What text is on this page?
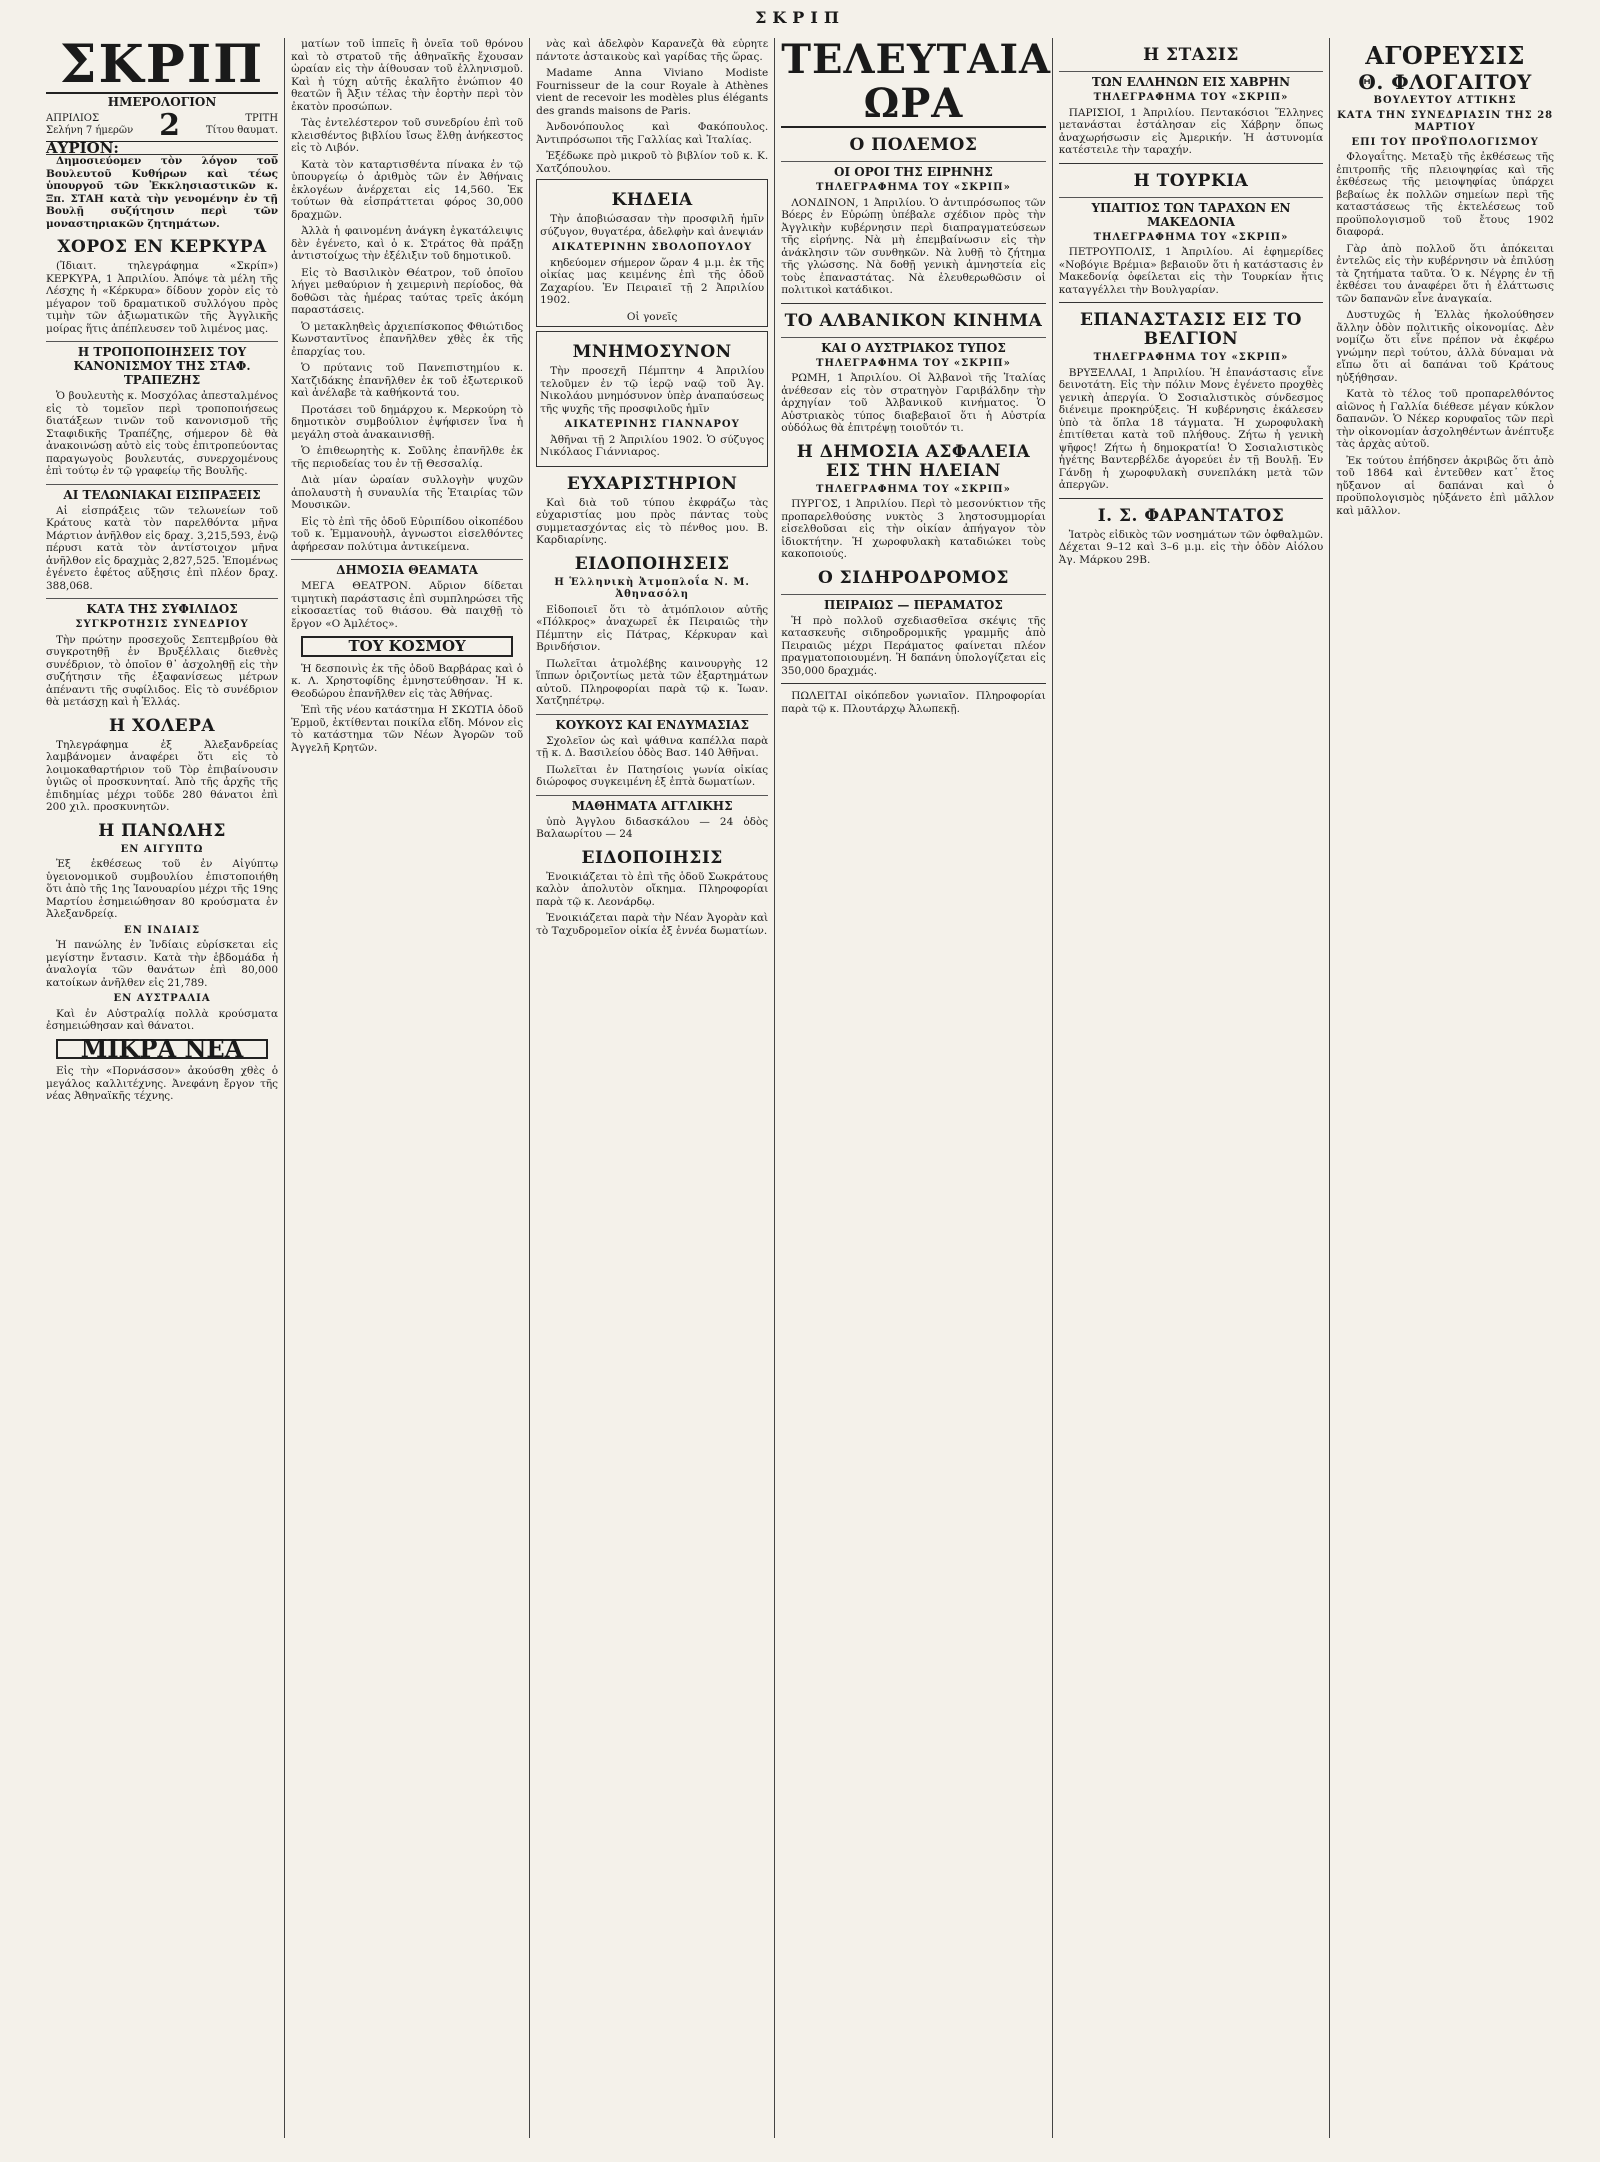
ΣΚΡΙΠ
ΣΚΡΙΠ
ΗΜΕΡΟΛΟΓΙΟΝ
ΑΠΡΙΛΙΟΣ
Σελήνη 7 ήμερῶν 2	ΤΡΙΤΗ
Τίτου θαυματ.
ΑΥΡΙΟΝ:

Δημοσιεύομεν τὸν λόγον τοῦ Βουλευτοῦ Κυθήρων καὶ τέως ὑπουργοῦ τῶν Ἐκκλησιαστικῶν κ. Ξπ. ΣΤΑΗ κατὰ τὴν γενομένην ἐν τῇ Βουλῇ συζήτησιν περὶ τῶν μοναστηριακῶν ζητημάτων.

ΧΟΡΟΣ ΕΝ ΚΕΡΚΥΡΑ

(Ἰδιαιτ. τηλεγράφημα «Σκρίπ») ΚΕΡΚΥΡΑ, 1 Ἀπριλίου. Ἀπόψε τὰ μέλη τῆς Λέσχης ἡ «Κέρκυρα» δίδουν χορὸν εἰς τὸ μέγαρον τοῦ δραματικοῦ συλλόγου πρὸς τιμὴν τῶν ἀξιωματικῶν τῆς Ἀγγλικῆς μοίρας ἥτις ἀπέπλευσεν τοῦ λιμένος μας.

Η ΤΡΟΠΟΠΟΙΗΣΕΙΣ ΤΟΥ ΚΑΝΟΝΙΣΜΟΥ ΤΗΣ ΣΤΑΦ. ΤΡΑΠΕΖΗΣ

Ὁ βουλευτὴς κ. Μοσχόλας ἀπεσταλμένος εἰς τὸ τομεῖον περὶ τροποποιήσεως διατάξεων τινῶν τοῦ κανονισμοῦ τῆς Σταφιδικῆς Τραπέζης, σήμερον δὲ θὰ ἀνακοινώσῃ αὐτὸ εἰς τοὺς ἐπιτροπεύοντας παραγωγοὺς βουλευτάς, συνερχομένους ἐπὶ τούτῳ ἐν τῷ γραφείῳ τῆς Βουλῆς.

ΑΙ ΤΕΛΩΝΙΑΚΑΙ ΕΙΣΠΡΑΞΕΙΣ

Αἱ εἰσπράξεις τῶν τελωνείων τοῦ Κράτους κατὰ τὸν παρελθόντα μῆνα Μάρτιον ἀνῆλθον εἰς δραχ. 3,215,593, ἐνῷ πέρυσι κατὰ τὸν ἀντίστοιχον μῆνα ἀνῆλθον εἰς δραχμὰς 2,827,525. Ἐπομένως ἐγένετο ἐφέτος αὔξησις ἐπὶ πλέον δραχ. 388,068.

ΚΑΤΑ ΤΗΣ ΣΥΦΙΛΙΔΟΣ
ΣΥΓΚΡΟΤΗΣΙΣ ΣΥΝΕΔΡΙΟΥ

Τὴν πρώτην προσεχοῦς Σεπτεμβρίου θὰ συγκροτηθῇ ἐν Βρυξέλλαις διεθνὲς συνέδριον, τὸ ὁποῖον θ᾽ ἀσχοληθῇ εἰς τὴν συζήτησιν τῆς ἐξαφανίσεως μέτρων ἀπέναντι τῆς συφίλιδος. Εἰς τὸ συνέδριον θὰ μετάσχῃ καὶ ἡ Ἑλλάς.

Η ΧΟΛΕΡΑ

Τηλεγράφημα ἐξ Ἀλεξανδρείας λαμβάνομεν ἀναφέρει ὅτι εἰς τὸ λοιμοκαθαρτήριον τοῦ Τὸρ ἐπιβαίνουσιν ὑγιῶς οἱ προσκυνηταί. Ἀπὸ τῆς ἀρχῆς τῆς ἐπιδημίας μέχρι τοῦδε 280 θάνατοι ἐπὶ 200 χιλ. προσκυνητῶν.

Η ΠΑΝΩΛΗΣ
ΕΝ ΑΙΓΥΠΤΩ

Ἐξ ἐκθέσεως τοῦ ἐν Αἰγύπτῳ ὑγειονομικοῦ συμβουλίου ἐπιστοποιήθη ὅτι ἀπὸ τῆς 1ης Ἰανουαρίου μέχρι τῆς 19ης Μαρτίου ἐσημειώθησαν 80 κρούσματα ἐν Ἀλεξανδρείᾳ.

ΕΝ ΙΝΔΙΑΙΣ

Ἡ πανώλης ἐν Ἰνδίαις εὑρίσκεται εἰς μεγίστην ἔντασιν. Κατὰ τὴν ἑβδομάδα ἡ ἀναλογία τῶν θανάτων ἐπὶ 80,000 κατοίκων ἀνῆλθεν εἰς 21,789.

ΕΝ ΑΥΣΤΡΑΛΙΑ

Καὶ ἐν Αὐστραλίᾳ πολλὰ κρούσματα ἐσημειώθησαν καὶ θάνατοι.

ΜΙΚΡΑ ΝΕΑ

Εἰς τὴν «Πορνάσσον» ἀκούσθη χθὲς ὁ μεγάλος καλλιτέχνης. Ἀνεφάνη ἔργον τῆς νέας Ἀθηναϊκῆς τέχνης.

ματίων τοῦ ἱππεῖς ἢ ὀνεῖα τοῦ θρόνου καὶ τὸ στρατοῦ τῆς ἀθηναϊκῆς ἔχουσαν ὡραίαν εἰς τὴν ἀίθουσαν τοῦ ἐλληνισμοῦ. Καὶ ἡ τύχη αὐτῆς ἐκαλῆτο ἐνώπιον 40 θεατῶν ἢ Ἀξιν τέλας τὴν ἑορτὴν περὶ τὸν ἐκατὸν προσώπων.

Τὰς ἐντελέστερον τοῦ συνεδρίου ἐπὶ τοῦ κλεισθέντος βιβλίου ἴσως ἔλθῃ ἀνήκεστος εἰς τὸ Λιβόν.

Κατὰ τὸν καταρτισθέντα πίνακα ἐν τῷ ὑπουργείῳ ὁ ἀριθμὸς τῶν ἐν Ἀθήναις ἐκλογέων ἀνέρχεται εἰς 14,560. Ἐκ τούτων θὰ εἰσπράττεται φόρος 30,000 δραχμῶν.

Ἀλλὰ ἡ φαινομένη ἀνάγκη ἐγκατάλειψις δὲν ἐγένετο, καὶ ὁ κ. Στράτος θὰ πράξῃ ἀντιστοίχως τὴν ἐξέλιξιν τοῦ δημοτικοῦ.

Εἰς τὸ Βασιλικὸν Θέατρον, τοῦ ὁποῖου λήγει μεθαύριον ἡ χειμερινὴ περίοδος, θὰ δοθῶσι τὰς ἡμέρας ταύτας τρεῖς ἀκόμη παραστάσεις.

Ὁ μετακληθεὶς ἀρχιεπίσκοπος Φθιώτιδος Κωνσταντῖνος ἐπανῆλθεν χθὲς ἐκ τῆς ἐπαρχίας του.

Ὁ πρύτανις τοῦ Πανεπιστημίου κ. Χατζιδάκης ἐπανῆλθεν ἐκ τοῦ ἐξωτερικοῦ καὶ ἀνέλαβε τὰ καθήκοντά του.

Προτάσει τοῦ δημάρχου κ. Μερκούρη τὸ δημοτικὸν συμβούλιον ἐψήφισεν ἵνα ἡ μεγάλη στοὰ ἀνακαινισθῇ.

Ὁ ἐπιθεωρητὴς κ. Σοῦλης ἐπανῆλθε ἐκ τῆς περιοδείας του ἐν τῇ Θεσσαλίᾳ.

Διὰ μίαν ὡραίαν συλλογὴν ψυχῶν ἀπολαυστὴ ἡ συναυλία τῆς Ἑταιρίας τῶν Μουσικῶν.

Εἰς τὸ ἐπὶ τῆς ὁδοῦ Εὐριπίδου οἰκοπέδου τοῦ κ. Ἐμμανουὴλ, ἀγνωστοι εἰσελθόντες ἀφήρεσαν πολύτιμα ἀντικείμενα.

ΔΗΜΟΣΙΑ ΘΕΑΜΑΤΑ

ΜΕΓΑ ΘΕΑΤΡΟΝ. Αὔριον δίδεται τιμητικὴ παράστασις ἐπὶ συμπληρώσει τῆς εἰκοσαετίας τοῦ θιάσου. Θὰ παιχθῇ τὸ ἔργον «Ο Ἀμλέτος».

ΤΟΥ ΚΟΣΜΟΥ

Ἡ δεσποινὶς ἐκ τῆς ὁδοῦ Βαρβάρας καὶ ὁ κ. Λ. Χρηστοφίδης ἐμνηστεύθησαν. Ἡ κ. Θεοδώρου ἐπανῆλθεν εἰς τὰς Ἀθήνας.

Ἐπὶ τῆς νέου κατάστημα Η ΣΚΩΤΙΑ ὁδοῦ Ἑρμοῦ, ἐκτίθενται ποικίλα εἴδη. Μόνον εἰς τὸ κατάστημα τῶν Νέων Ἀγορῶν τοῦ Ἀγγελῆ Κρητῶν.

νὰς καὶ ἀδελφὸν Καρανεζὰ θὰ εὑρητε πάντοτε ἀσταικοὺς καὶ γαρίδας τῆς ὥρας.

Madame Anna Viviano Modiste Fournisseur de la cour Royale à Athènes vient de recevoir les modèles plus élégants des grands maisons de Paris.

Ἀνδονόπουλος καὶ Φακόπουλος. Ἀντιπρόσωποι τῆς Γαλλίας καὶ Ἰταλίας.

Ἐξέδωκε πρὸ μικροῦ τὸ βιβλίον τοῦ κ. Κ. Χατζόπουλου.

ΚΗΔΕΙΑ

Τὴν ἀποβιώσασαν τὴν προσφιλῆ ἡμῖν σύζυγον, θυγατέρα, ἀδελφὴν καὶ ἀνεψιάν

ΑΙΚΑΤΕΡΙΝΗΝ ΣΒΟΛΟΠΟΥΛΟΥ

κηδεύομεν σήμερον ὥραν 4 μ.μ. ἐκ τῆς οἰκίας μας κειμένης ἐπὶ τῆς ὁδοῦ Ζαχαρίου. Ἐν Πειραιεῖ τῇ 2 Ἀπριλίου 1902.

Οἱ γονεῖς
ΜΝΗΜΟΣΥΝΟΝ

Τὴν προσεχῆ Πέμπτην 4 Ἀπριλίου τελοῦμεν ἐν τῷ ἱερῷ ναῷ τοῦ Ἁγ. Νικολάου μνημόσυνον ὑπὲρ ἀναπαύσεως τῆς ψυχῆς τῆς προσφιλοῦς ἡμῖν

ΑΙΚΑΤΕΡΙΝΗΣ ΓΙΑΝΝΑΡΟΥ

Ἀθῆναι τῇ 2 Ἀπριλίου 1902. Ὁ σύζυγος Νικόλαος Γιάννιαρος.

ΕΥΧΑΡΙΣΤΗΡΙΟΝ

Καὶ διὰ τοῦ τύπου ἐκφράζω τὰς εὐχαριστίας μου πρὸς πάντας τοὺς συμμετασχόντας εἰς τὸ πένθος μου. Β. Καρδιαρίνης.

ΕΙΔΟΠΟΙΗΣΕΙΣ
Η Ἑλληνικὴ Ἀτμοπλοΐα Ν. Μ. Ἀθηνασόλη

Εἰδοποιεῖ ὅτι τὸ ἀτμόπλοιον αὐτῆς «Πόλκρος» ἀναχωρεῖ ἐκ Πειραιῶς τὴν Πέμπτην εἰς Πάτρας, Κέρκυραν καὶ Βρινδήσιον.

Πωλεῖται ἀτμολέβης καινουργὴς 12 ἵππων ὁριζοντίως μετὰ τῶν ἐξαρτημάτων αὐτοῦ. Πληροφορίαι παρὰ τῷ κ. Ἰωαν. Χατζηπέτρῳ.

ΚΟΥΚΟΥΣ ΚΑΙ ΕΝΔΥΜΑΣΙΑΣ

Σχολεῖον ὡς καὶ ψάθινα καπέλλα παρὰ τῇ κ. Δ. Βασιλείου ὁδὸς Βασ. 140 Ἀθῆναι.

Πωλεῖται ἐν Πατησίοις γωνία οἰκίας διώροφος συγκειμένη ἐξ ἐπτὰ δωματίων.

ΜΑΘΗΜΑΤΑ ΑΓΓΛΙΚΗΣ

ὑπὸ Ἀγγλου διδασκάλου — 24 ὁδὸς Βαλαωρίτου — 24

ΕΙΔΟΠΟΙΗΣΙΣ

Ἐνοικιάζεται τὸ ἐπὶ τῆς ὁδοῦ Σωκράτους καλὸν ἀπολυτὸν οἴκημα. Πληροφορίαι παρὰ τῷ κ. Λεονάρδῳ.

Ἐνοικιάζεται παρὰ τὴν Νέαν Ἀγορὰν καὶ τὸ Ταχυδρομεῖον οἰκία ἐξ ἐννέα δωματίων.

ΤΕΛΕΥΤΑΙΑ ΩΡΑ
Ο ΠΟΛΕΜΟΣ
ΟΙ ΟΡΟΙ ΤΗΣ ΕΙΡΗΝΗΣ
ΤΗΛΕΓΡΑΦΗΜΑ ΤΟΥ «ΣΚΡΙΠ»

ΛΟΝΔΙΝΟΝ, 1 Ἀπριλίου. Ὁ ἀντιπρόσωπος τῶν Βόερς ἐν Εὐρώπῃ ὑπέβαλε σχέδιον πρὸς τὴν Ἀγγλικὴν κυβέρνησιν περὶ διαπραγματεύσεων τῆς εἰρήνης. Νὰ μὴ ἐπεμβαίνωσιν εἰς τὴν ἀνάκλησιν τῶν συνθηκῶν. Νὰ λυθῇ τὸ ζήτημα τῆς γλώσσης. Νὰ δοθῇ γενικὴ ἀμνηστεία εἰς τοὺς ἐπαναστάτας. Νὰ ἐλευθερωθῶσιν οἱ πολιτικοὶ κατάδικοι.

ΤΟ ΑΛΒΑΝΙΚΟΝ ΚΙΝΗΜΑ
ΚΑΙ Ο ΑΥΣΤΡΙΑΚΟΣ ΤΥΠΟΣ
ΤΗΛΕΓΡΑΦΗΜΑ ΤΟΥ «ΣΚΡΙΠ»

ΡΩΜΗ, 1 Ἀπριλίου. Οἱ Ἀλβανοὶ τῆς Ἰταλίας ἀνέθεσαν εἰς τὸν στρατηγὸν Γαριβάλδην τὴν ἀρχηγίαν τοῦ Ἀλβανικοῦ κινήματος. Ὁ Αὐστριακὸς τύπος διαβεβαιοῖ ὅτι ἡ Αὐστρία οὐδόλως θὰ ἐπιτρέψῃ τοιοῦτόν τι.

Η ΔΗΜΟΣΙΑ ΑΣΦΑΛΕΙΑ ΕΙΣ ΤΗΝ ΗΛΕΙΑΝ
ΤΗΛΕΓΡΑΦΗΜΑ ΤΟΥ «ΣΚΡΙΠ»

ΠΥΡΓΟΣ, 1 Ἀπριλίου. Περὶ τὸ μεσονύκτιον τῆς προπαρελθούσης νυκτὸς 3 ληστοσυμμορίαι εἰσελθοῦσαι εἰς τὴν οἰκίαν ἀπήγαγον τὸν ἰδιοκτήτην. Ἡ χωροφυλακὴ καταδιώκει τοὺς κακοποιούς.

Ο ΣΙΔΗΡΟΔΡΟΜΟΣ
ΠΕΙΡΑΙΩΣ — ΠΕΡΑΜΑΤΟΣ

Ἡ πρὸ πολλοῦ σχεδιασθεῖσα σκέψις τῆς κατασκευῆς σιδηροδρομικῆς γραμμῆς ἀπὸ Πειραιῶς μέχρι Περάματος φαίνεται πλέον πραγματοποιουμένη. Ἡ δαπάνη ὑπολογίζεται εἰς 350,000 δραχμάς.

ΠΩΛΕΙΤΑΙ οἰκόπεδον γωνιαῖον. Πληροφορίαι παρὰ τῷ κ. Πλουτάρχῳ Ἀλωπεκῇ.

Η ΣΤΑΣΙΣ
ΤΩΝ ΕΛΛΗΝΩΝ ΕΙΣ ΧΑΒΡΗΝ
ΤΗΛΕΓΡΑΦΗΜΑ ΤΟΥ «ΣΚΡΙΠ»

ΠΑΡΙΣΙΟΙ, 1 Ἀπριλίου. Πεντακόσιοι Ἕλληνες μετανάσται ἐστάλησαν εἰς Χάβρην ὅπως ἀναχωρήσωσιν εἰς Ἀμερικήν. Ἡ ἀστυνομία κατέστειλε τὴν ταραχήν.

Η ΤΟΥΡΚΙΑ
ΥΠΑΙΤΙΟΣ ΤΩΝ ΤΑΡΑΧΩΝ ΕΝ ΜΑΚΕΔΟΝΙΑ
ΤΗΛΕΓΡΑΦΗΜΑ ΤΟΥ «ΣΚΡΙΠ»

ΠΕΤΡΟΥΠΟΛΙΣ, 1 Ἀπριλίου. Αἱ ἐφημερίδες «Νοβόγιε Βρέμια» βεβαιοῦν ὅτι ἡ κατάστασις ἐν Μακεδονίᾳ ὀφείλεται εἰς τὴν Τουρκίαν ἥτις καταγγέλλει τὴν Βουλγαρίαν.

ΕΠΑΝΑΣΤΑΣΙΣ ΕΙΣ ΤΟ ΒΕΛΓΙΟΝ
ΤΗΛΕΓΡΑΦΗΜΑ ΤΟΥ «ΣΚΡΙΠ»

ΒΡΥΞΕΛΛΑΙ, 1 Ἀπριλίου. Ἡ ἐπανάστασις εἶνε δεινοτάτη. Εἰς τὴν πόλιν Μονς ἐγένετο προχθὲς γενικὴ ἀπεργία. Ὁ Σοσιαλιστικὸς σύνδεσμος διένειμε προκηρύξεις. Ἡ κυβέρνησις ἐκάλεσεν ὑπὸ τὰ ὅπλα 18 τάγματα. Ἡ χωροφυλακὴ ἐπιτίθεται κατὰ τοῦ πλήθους. Ζήτω ἡ γενικὴ ψῆφος! Ζήτω ἡ δημοκρατία! Ὁ Σοσιαλιστικὸς ἡγέτης Βαντερβέλδε ἀγορεύει ἐν τῇ Βουλῇ. Ἐν Γάνδῃ ἡ χωροφυλακὴ συνεπλάκη μετὰ τῶν ἀπεργῶν.

Ι. Σ. ΦΑΡΑΝΤΑΤΟΣ

Ἰατρὸς εἰδικὸς τῶν νοσημάτων τῶν ὀφθαλμῶν. Δέχεται 9–12 καὶ 3–6 μ.μ. εἰς τὴν ὁδὸν Αἰόλου Ἁγ. Μάρκου 29Β.

ΑΓΟΡΕΥΣΙΣ
Θ. ΦΛΟΓΑΙΤΟΥ
ΒΟΥΛΕΥΤΟΥ ΑΤΤΙΚΗΣ
ΚΑΤΑ ΤΗΝ ΣΥΝΕΔΡΙΑΣΙΝ ΤΗΣ 28 ΜΑΡΤΙΟΥ
ΕΠΙ ΤΟΥ ΠΡΟΫΠΟΛΟΓΙΣΜΟΥ

Φλογαΐτης. Μεταξὺ τῆς ἐκθέσεως τῆς ἐπιτροπῆς τῆς πλειοψηφίας καὶ τῆς ἐκθέσεως τῆς μειοψηφίας ὑπάρχει βεβαίως ἐκ πολλῶν σημείων περὶ τῆς καταστάσεως τῆς ἐκτελέσεως τοῦ προϋπολογισμοῦ τοῦ ἔτους 1902 διαφορά.

Γὰρ ἀπὸ πολλοῦ ὅτι ἀπόκειται ἐντελῶς εἰς τὴν κυβέρνησιν νὰ ἐπιλύσῃ τὰ ζητήματα ταῦτα. Ὁ κ. Νέγρης ἐν τῇ ἐκθέσει του ἀναφέρει ὅτι ἡ ἐλάττωσις τῶν δαπανῶν εἶνε ἀναγκαία.

Δυστυχῶς ἡ Ἑλλὰς ἠκολούθησεν ἄλλην ὁδὸν πολιτικῆς οἰκονομίας. Δὲν νομίζω ὅτι εἶνε πρέπον νὰ ἐκφέρω γνώμην περὶ τούτου, ἀλλὰ δύναμαι νὰ εἴπω ὅτι αἱ δαπάναι τοῦ Κράτους ηὐξήθησαν.

Κατὰ τὸ τέλος τοῦ προπαρελθόντος αἰῶνος ἡ Γαλλία διέθεσε μέγαν κύκλον δαπανῶν. Ὁ Νέκερ κορυφαῖος τῶν περὶ τὴν οἰκονομίαν ἀσχοληθέντων ἀνέπτυξε τὰς ἀρχὰς αὐτοῦ.

Ἐκ τούτου ἐπήδησεν ἀκριβῶς ὅτι ἀπὸ τοῦ 1864 καὶ ἐντεῦθεν κατ᾽ ἔτος ηὔξανον αἱ δαπάναι καὶ ὁ προϋπολογισμὸς ηὐξάνετο ἐπὶ μᾶλλον καὶ μᾶλλον.
